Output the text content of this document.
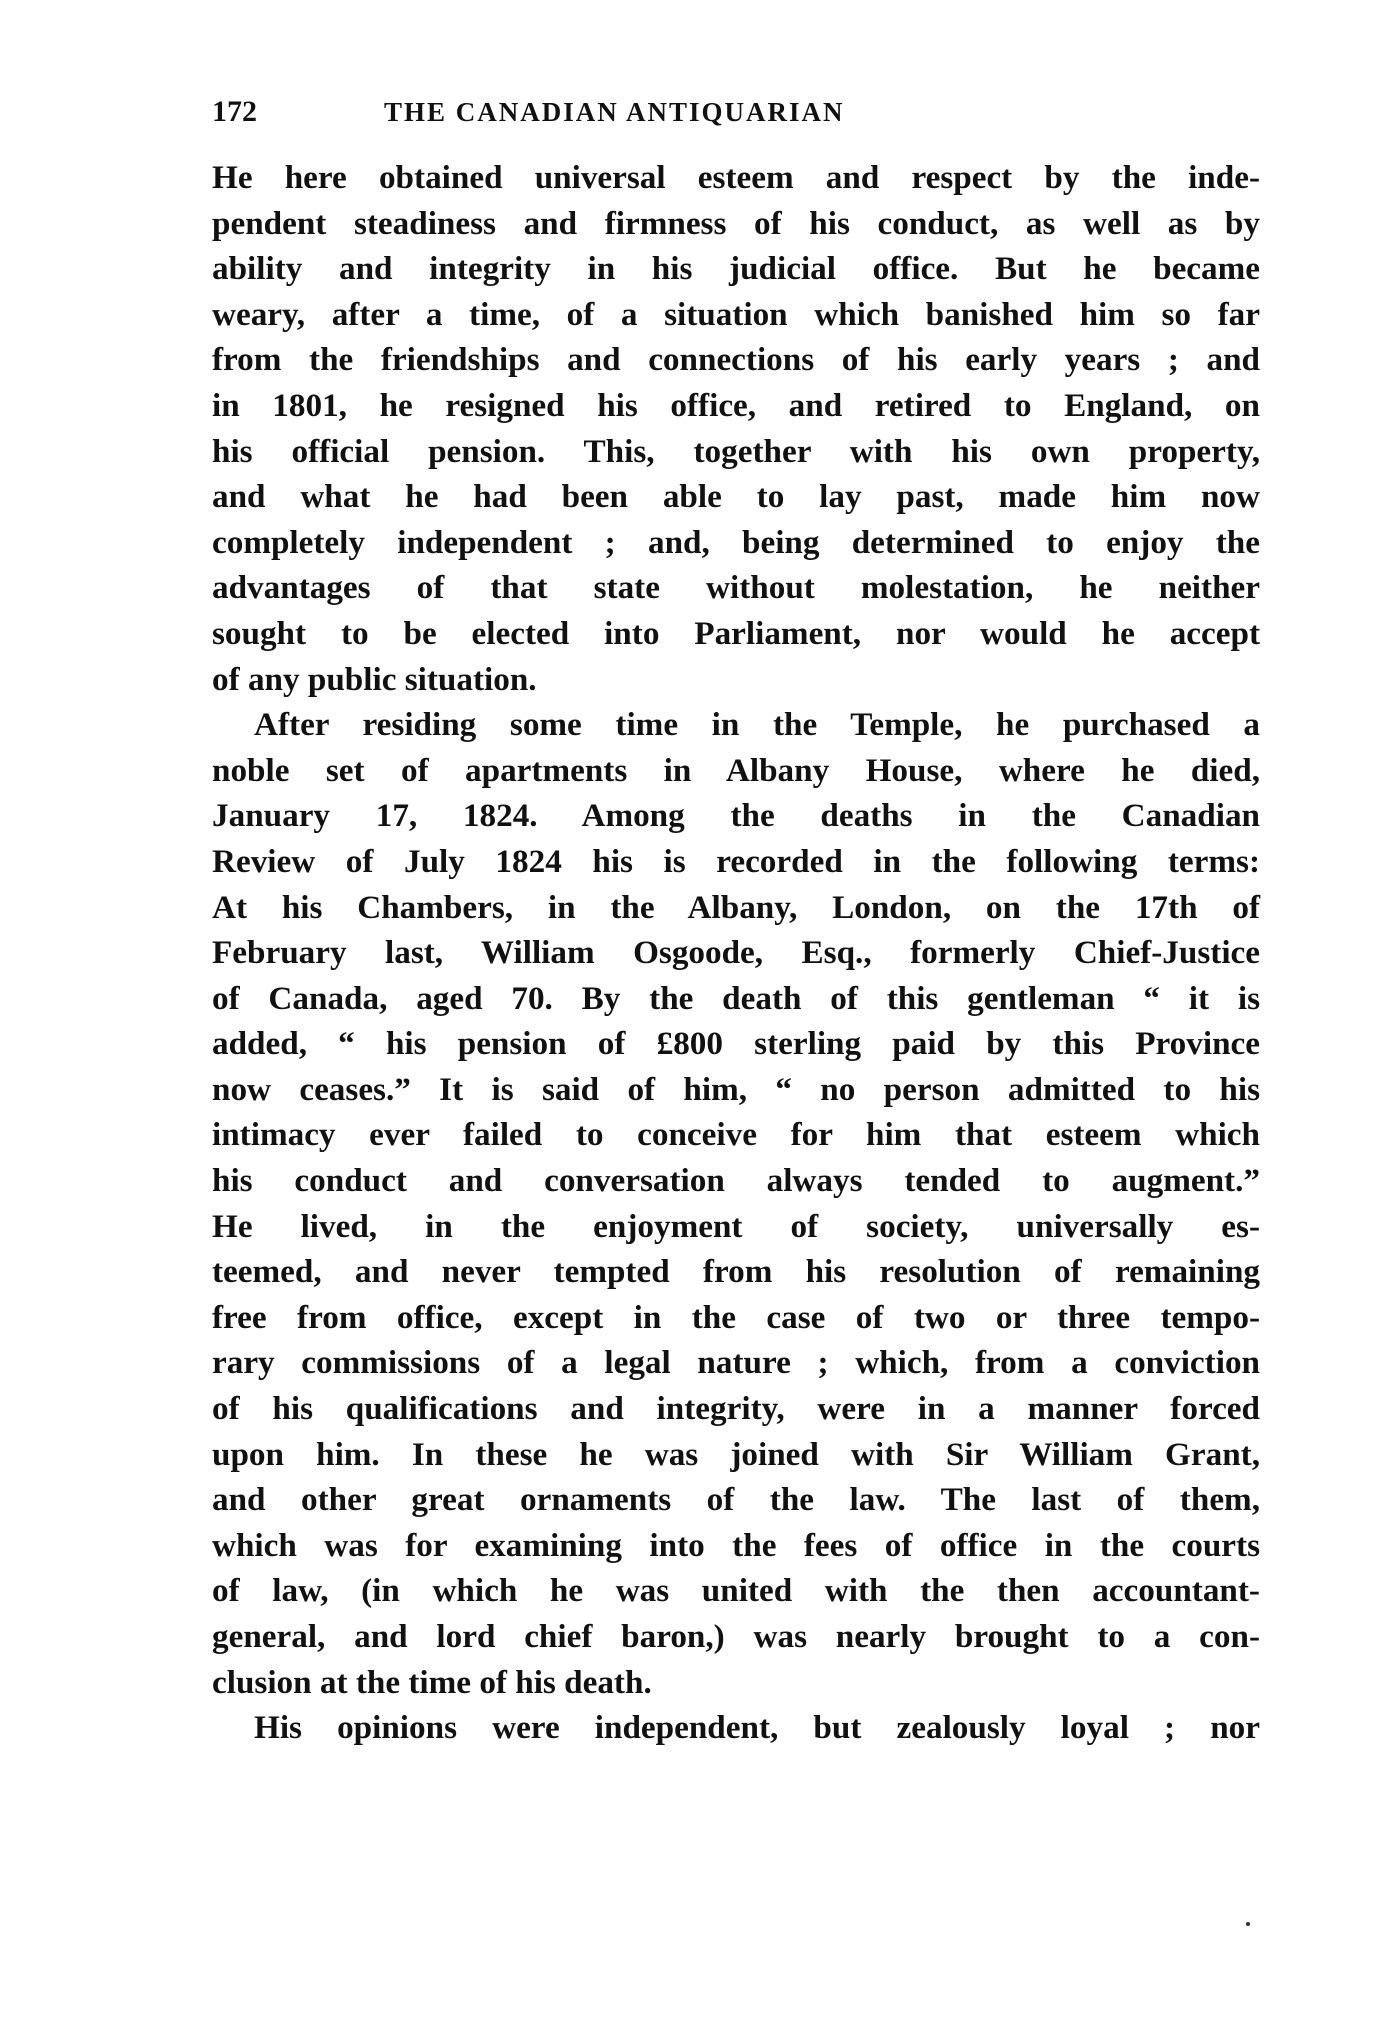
172	THE CANADIAN ANTIQUARIAN

He here obtained universal esteem and respect by the inde-
pendent steadiness and firmness of his conduct, as well as by
ability and integrity in his judicial office. But he became
weary, after a time, of a situation which banished him so far
from the friendships and connections of his early years ; and
in 1801, he resigned his office, and retired to England, on
his official pension. This, together with his own property,
and what he had been able to lay past, made him now
completely independent ; and, being determined to enjoy the
advantages of that state without molestation, he neither
sought to be elected into Parliament, nor would he accept
of any public situation.

After residing some time in the Temple, he purchased a
noble set of apartments in Albany House, where he died,
January 17, 1824. Among the deaths in the Canadian
Review of July 1824 his is recorded in the following terms:
At his Chambers, in the Albany, London, on the 17th of
February last, William Osgoode, Esq., formerly Chief-Justice
of Canada, aged 70. By the death of this gentleman “ it is
added, “ his pension of £800 sterling paid by this Province
now ceases.” It is said of him, “ no person admitted to his
intimacy ever failed to conceive for him that esteem which
his conduct and conversation always tended to augment.”
He lived, in the enjoyment of society, universally es-
teemed, and never tempted from his resolution of remaining
free from office, except in the case of two or three tempo-
rary commissions of a legal nature ; which, from a conviction
of his qualifications and integrity, were in a manner forced
upon him. In these he was joined with Sir William Grant,
and other great ornaments of the law. The last of them,
which was for examining into the fees of office in the courts
of law, (in which he was united with the then accountant-
general, and lord chief baron,) was nearly brought to a con-
clusion at the time of his death.

His opinions were independent, but zealously loyal ; nor
